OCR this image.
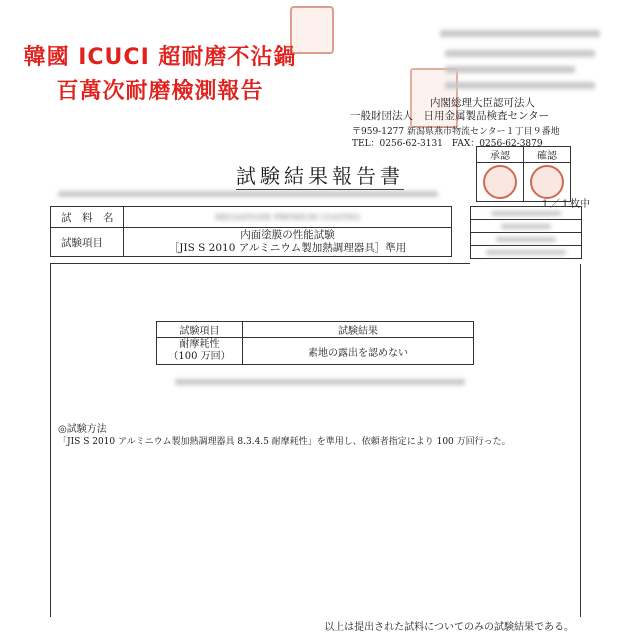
韓國 ICUCI 超耐磨不沾鍋
百萬次耐磨檢測報告	内閣総理大臣認可法人
一般財団法人　日用金属製品検査センター
〒959-1277 新潟県燕市物流センター１丁目９番地
TEL：0256-62-3131　FAX：0256-62-3879
承認	確認

試験結果報告書
１／１枚中
試　料　名	MEGASTONE PREMIUM COATING
試験項目	内面塗膜の性能試験
［JIS S 2010 アルミニウム製加熱調理器具］準用

試験項目	試験結果

耐摩耗性
（100 万回）	素地の露出を認めない
◎試験方法
「JIS S 2010 アルミニウム製加熱調理器具 8.3.4.5 耐摩耗性」を準用し、依頼者指定により 100 万回行った。
以上は提出された試料についてのみの試験結果である。
